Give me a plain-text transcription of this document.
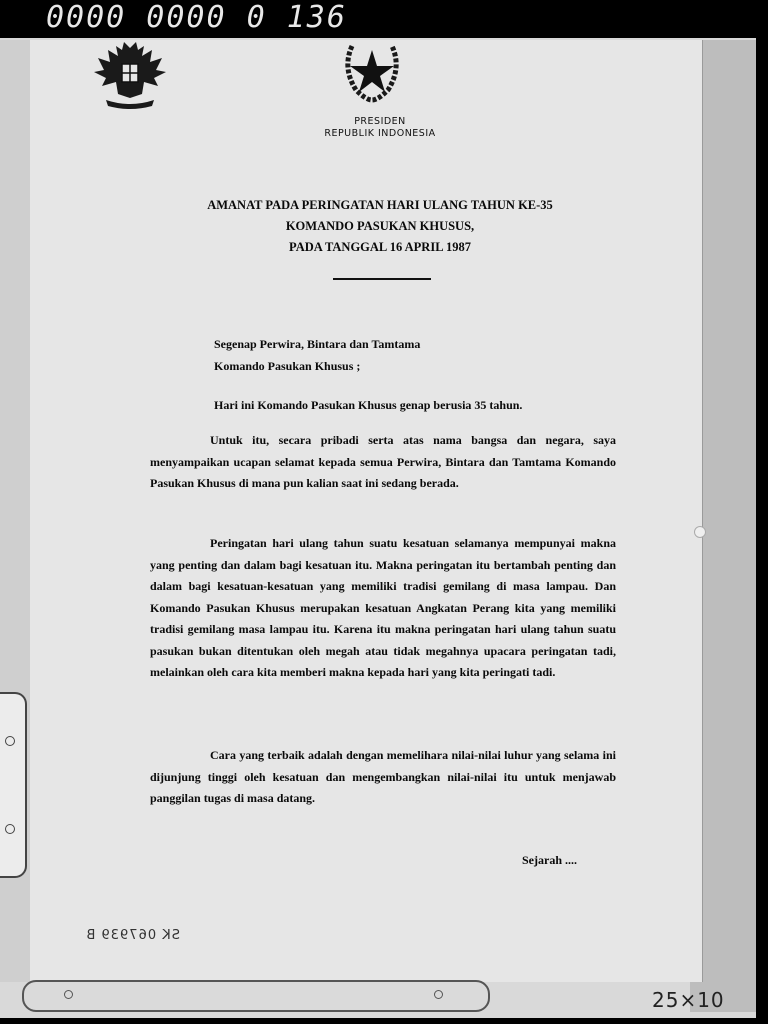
0000 0000 0 136
PRESIDEN
REPUBLIK INDONESIA
AMANAT PADA PERINGATAN HARI ULANG TAHUN KE-35
KOMANDO PASUKAN KHUSUS,
PADA TANGGAL 16 APRIL 1987
Segenap Perwira, Bintara dan Tamtama
Komando Pasukan Khusus ;
Hari ini Komando Pasukan Khusus genap berusia 35 tahun.
Untuk itu, secara pribadi serta atas nama bangsa dan negara, saya menyampaikan ucapan selamat kepada semua Perwira, Bintara dan Tamtama Komando Pasukan Khusus di mana pun kalian saat ini sedang berada.
Peringatan hari ulang tahun suatu kesatuan selamanya mempunyai makna yang penting dan dalam bagi kesatuan itu. Makna peringatan itu bertambah penting dan dalam bagi kesatuan-kesatuan yang memiliki tradisi gemilang di masa lampau. Dan Komando Pasukan Khusus merupakan kesatuan Angkatan Perang kita yang memiliki tradisi gemilang masa lampau itu. Karena itu makna peringatan hari ulang tahun suatu pasukan bukan ditentukan oleh megah atau tidak megahnya upacara peringatan tadi, melainkan oleh cara kita memberi makna kepada hari yang kita peringati tadi.
Cara yang terbaik adalah dengan memelihara nilai-nilai luhur yang selama ini dijunjung tinggi oleh kesatuan dan mengembangkan nilai-nilai itu untuk menjawab panggilan tugas di masa datang.
Sejarah ....
SK 067939 B
25×10
